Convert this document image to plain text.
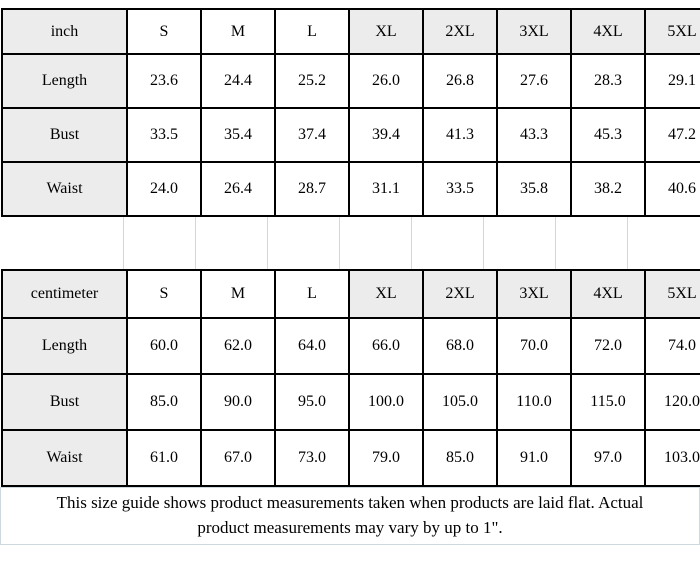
inch	S	M	L	XL	2XL	3XL	4XL	5XL
Length	23.6	24.4	25.2	26.0	26.8	27.6	28.3	29.1
Bust	33.5	35.4	37.4	39.4	41.3	43.3	45.3	47.2
Waist	24.0	26.4	28.7	31.1	33.5	35.8	38.2	40.6
centimeter	S	M	L	XL	2XL	3XL	4XL	5XL
Length	60.0	62.0	64.0	66.0	68.0	70.0	72.0	74.0
Bust	85.0	90.0	95.0	100.0	105.0	110.0	115.0	120.0
Waist	61.0	67.0	73.0	79.0	85.0	91.0	97.0	103.0
This size guide shows product measurements taken when products are laid flat. Actual product measurements may vary by up to 1".
